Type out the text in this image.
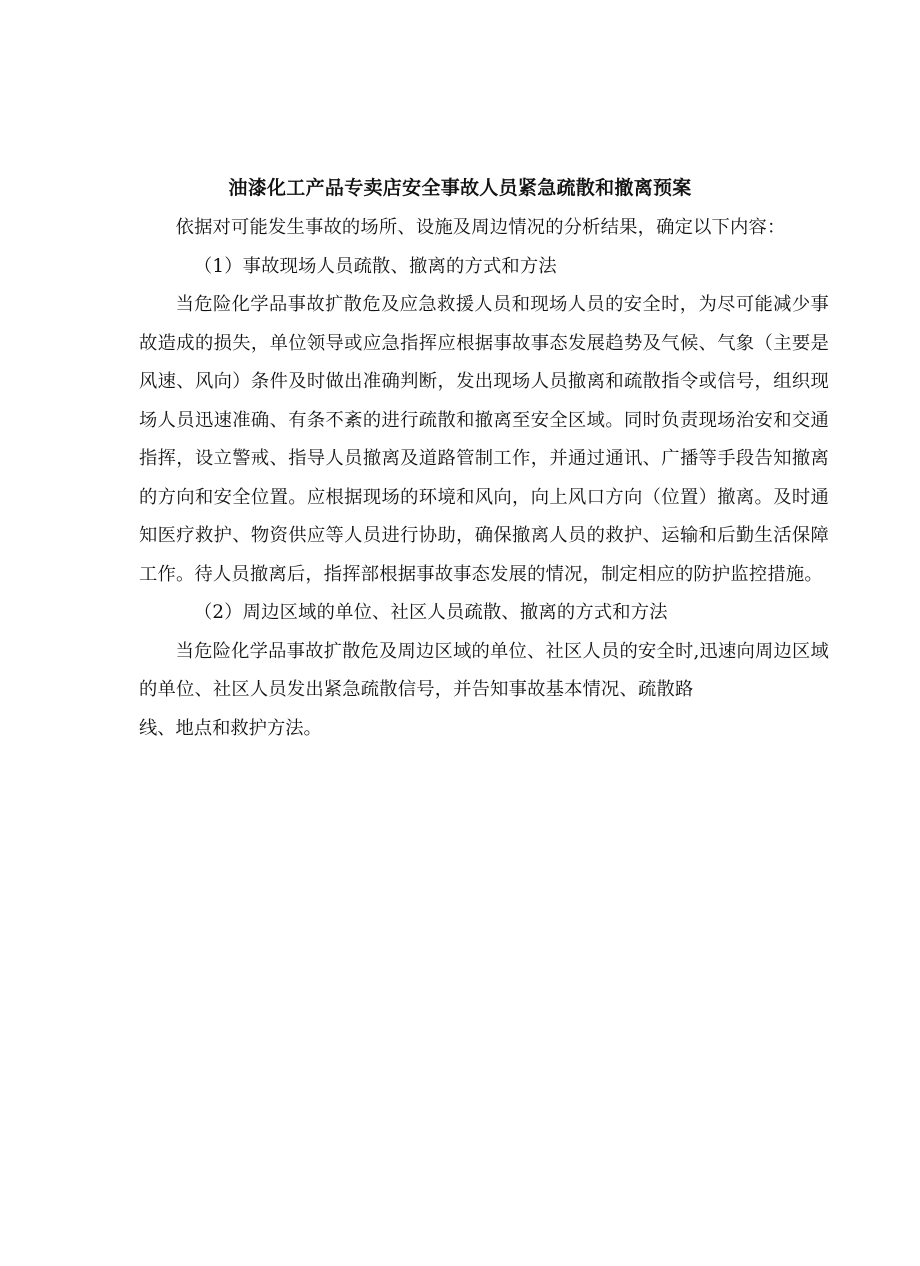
油漆化工产品专卖店安全事故人员紧急疏散和撤离预案

依据对可能发生事故的场所、设施及周边情况的分析结果，确定以下内容：

（1）事故现场人员疏散、撤离的方式和方法

当危险化学品事故扩散危及应急救援人员和现场人员的安全时，为尽可能减少事故造成的损失，单位领导或应急指挥应根据事故事态发展趋势及气候、气象（主要是风速、风向）条件及时做出准确判断，发出现场人员撤离和疏散指令或信号，组织现场人员迅速准确、有条不紊的进行疏散和撤离至安全区域。同时负责现场治安和交通指挥，设立警戒、指导人员撤离及道路管制工作，并通过通讯、广播等手段告知撤离的方向和安全位置。应根据现场的环境和风向，向上风口方向（位置）撤离。及时通知医疗救护、物资供应等人员进行协助，确保撤离人员的救护、运输和后勤生活保障工作。待人员撤离后，指挥部根据事故事态发展的情况，制定相应的防护监控措施。

（2）周边区域的单位、社区人员疏散、撤离的方式和方法

当危险化学品事故扩散危及周边区域的单位、社区人员的安全时,迅速向周边区域的单位、社区人员发出紧急疏散信号，并告知事故基本情况、疏散路

线、地点和救护方法。
